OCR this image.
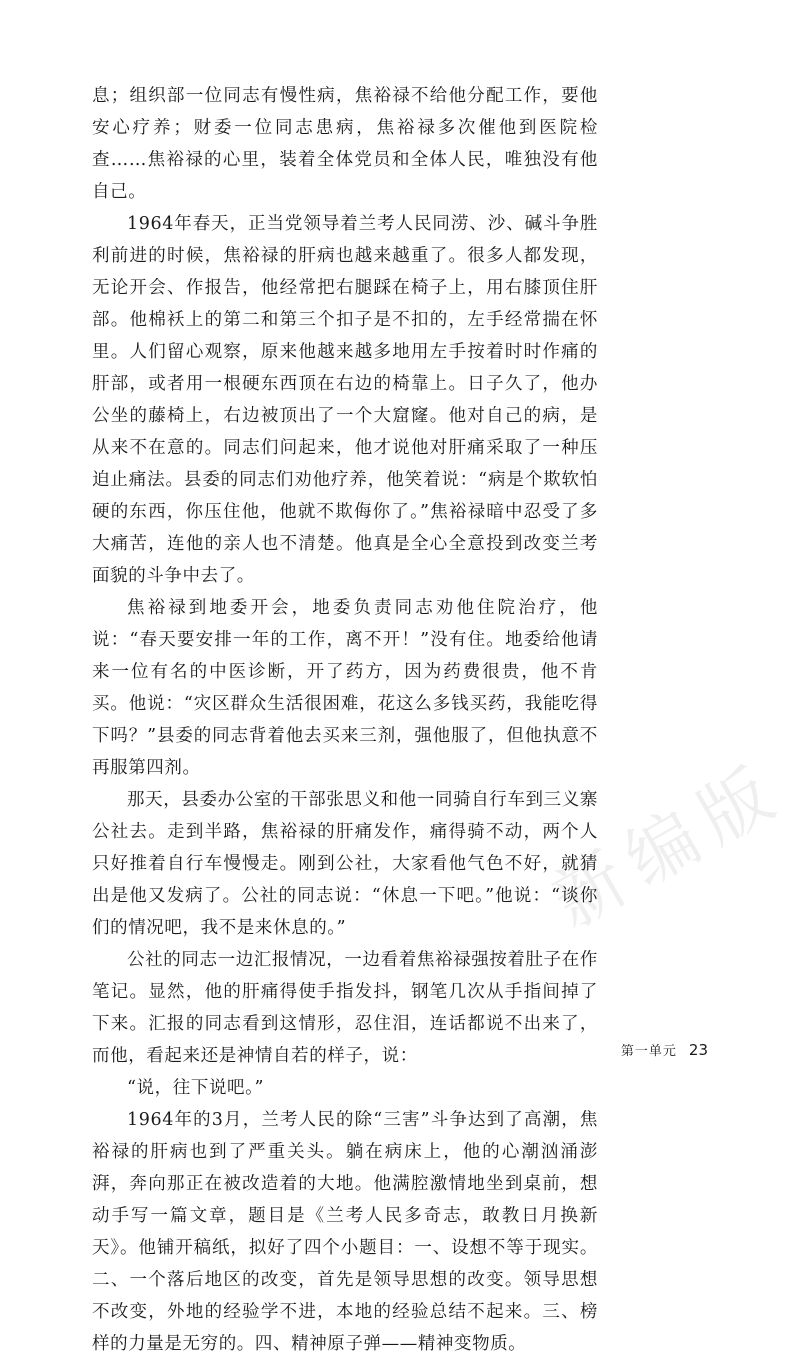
新编版

息；组织部一位同志有慢性病，焦裕禄不给他分配工作，要他安心疗养；财委一位同志患病，焦裕禄多次催他到医院检查……焦裕禄的心里，装着全体党员和全体人民，唯独没有他自己。

1964年春天，正当党领导着兰考人民同涝、沙、碱斗争胜利前进的时候，焦裕禄的肝病也越来越重了。很多人都发现，无论开会、作报告，他经常把右腿踩在椅子上，用右膝顶住肝部。他棉袄上的第二和第三个扣子是不扣的，左手经常揣在怀里。人们留心观察，原来他越来越多地用左手按着时时作痛的肝部，或者用一根硬东西顶在右边的椅靠上。日子久了，他办公坐的藤椅上，右边被顶出了一个大窟窿。他对自己的病，是从来不在意的。同志们问起来，他才说他对肝痛采取了一种压迫止痛法。县委的同志们劝他疗养，他笑着说：“病是个欺软怕硬的东西，你压住他，他就不欺侮你了。”焦裕禄暗中忍受了多大痛苦，连他的亲人也不清楚。他真是全心全意投到改变兰考面貌的斗争中去了。

焦裕禄到地委开会，地委负责同志劝他住院治疗，他说：“春天要安排一年的工作，离不开！”没有住。地委给他请来一位有名的中医诊断，开了药方，因为药费很贵，他不肯买。他说：“灾区群众生活很困难，花这么多钱买药，我能吃得下吗？”县委的同志背着他去买来三剂，强他服了，但他执意不再服第四剂。

那天，县委办公室的干部张思义和他一同骑自行车到三义寨公社去。走到半路，焦裕禄的肝痛发作，痛得骑不动，两个人只好推着自行车慢慢走。刚到公社，大家看他气色不好，就猜出是他又发病了。公社的同志说：“休息一下吧。”他说：“谈你们的情况吧，我不是来休息的。”

公社的同志一边汇报情况，一边看着焦裕禄强按着肚子在作笔记。显然，他的肝痛得使手指发抖，钢笔几次从手指间掉了下来。汇报的同志看到这情形，忍住泪，连话都说不出来了，而他，看起来还是神情自若的样子，说：

“说，往下说吧。”

1964年的3月，兰考人民的除“三害”斗争达到了高潮，焦裕禄的肝病也到了严重关头。躺在病床上，他的心潮汹涌澎湃，奔向那正在被改造着的大地。他满腔激情地坐到桌前，想动手写一篇文章，题目是《兰考人民多奇志，敢教日月换新天》。他铺开稿纸，拟好了四个小题目：一、设想不等于现实。二、一个落后地区的改变，首先是领导思想的改变。领导思想不改变，外地的经验学不进，本地的经验总结不起来。三、榜样的力量是无穷的。四、精神原子弹——精神变物质。

第一单元 23
